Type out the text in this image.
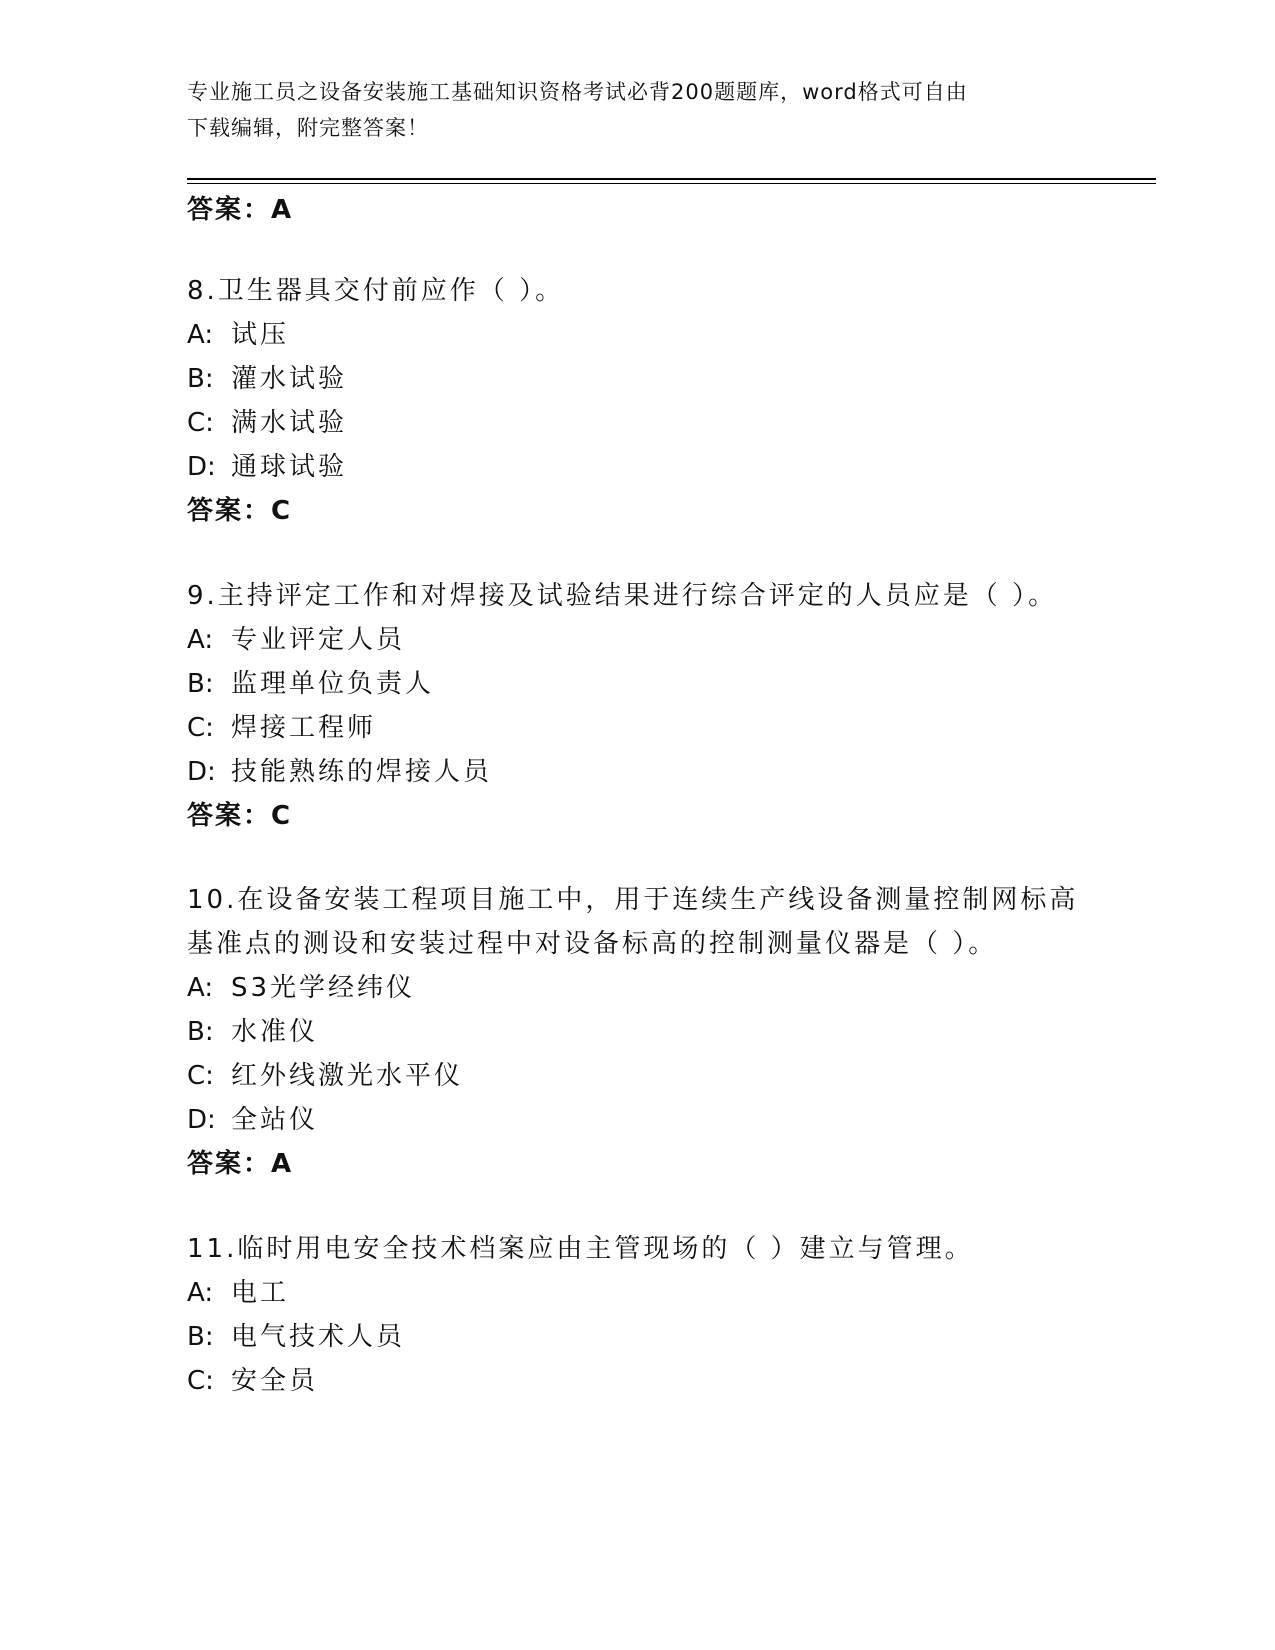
专业施工员之设备安装施工基础知识资格考试必背200题题库，word格式可自由
下载编辑，附完整答案！
答案：A
8.卫生器具交付前应作（ ）。
A: 试压
B: 灌水试验
C: 满水试验
D: 通球试验
答案：C
9.主持评定工作和对焊接及试验结果进行综合评定的人员应是（ ）。
A: 专业评定人员
B: 监理单位负责人
C: 焊接工程师
D: 技能熟练的焊接人员
答案：C
10.在设备安装工程项目施工中，用于连续生产线设备测量控制网标高
基准点的测设和安装过程中对设备标高的控制测量仪器是（ ）。
A: S3光学经纬仪
B: 水准仪
C: 红外线激光水平仪
D: 全站仪
答案：A
11.临时用电安全技术档案应由主管现场的（ ）建立与管理。
A: 电工
B: 电气技术人员
C: 安全员
